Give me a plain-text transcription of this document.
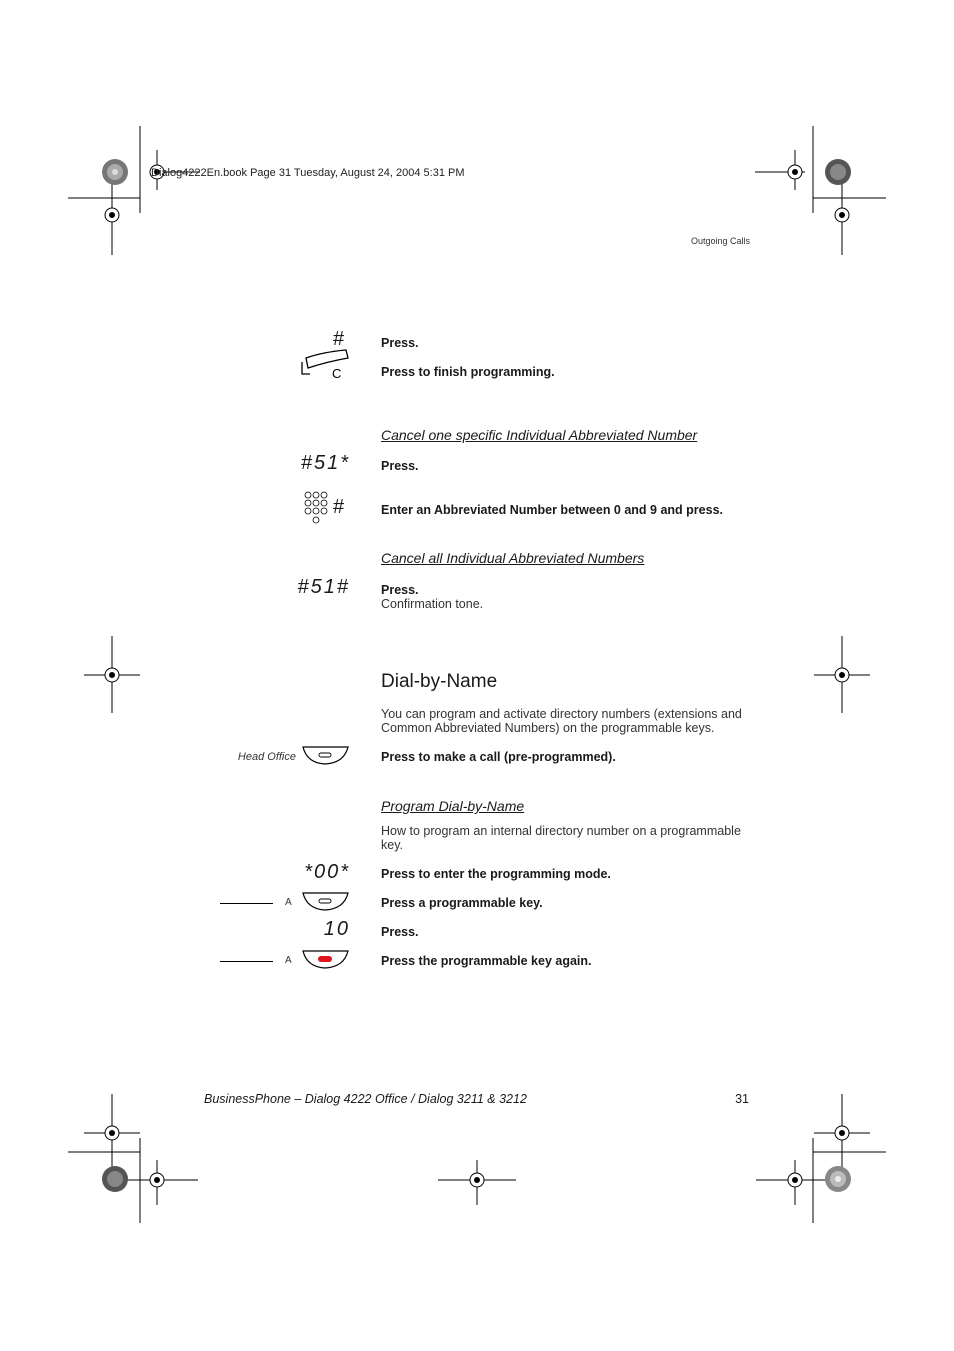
Dialog4222En.book Page 31 Tuesday, August 24, 2004 5:31 PM
Outgoing Calls
C
#	Press.
Press to finish programming.
Cancel one specific Individual Abbreviated Number
#51* Press.
#	Enter an Abbreviated Number between 0 and 9 and press.
Cancel all Individual Abbreviated Numbers
#51# Press.
Confirmation tone.
Dial-by-Name
You can program and activate directory numbers (extensions and Common Abbreviated Numbers) on the programmable keys.
Head Office	Press to make a call (pre-programmed).
Program Dial-by-Name
How to program an internal directory number on a programmable key.
*00* Press to enter the programming mode.
A	Press a programmable key.
10 Press.
A	Press the programmable key again.
BusinessPhone – Dialog 4222 Office / Dialog 3211 & 3212	31
